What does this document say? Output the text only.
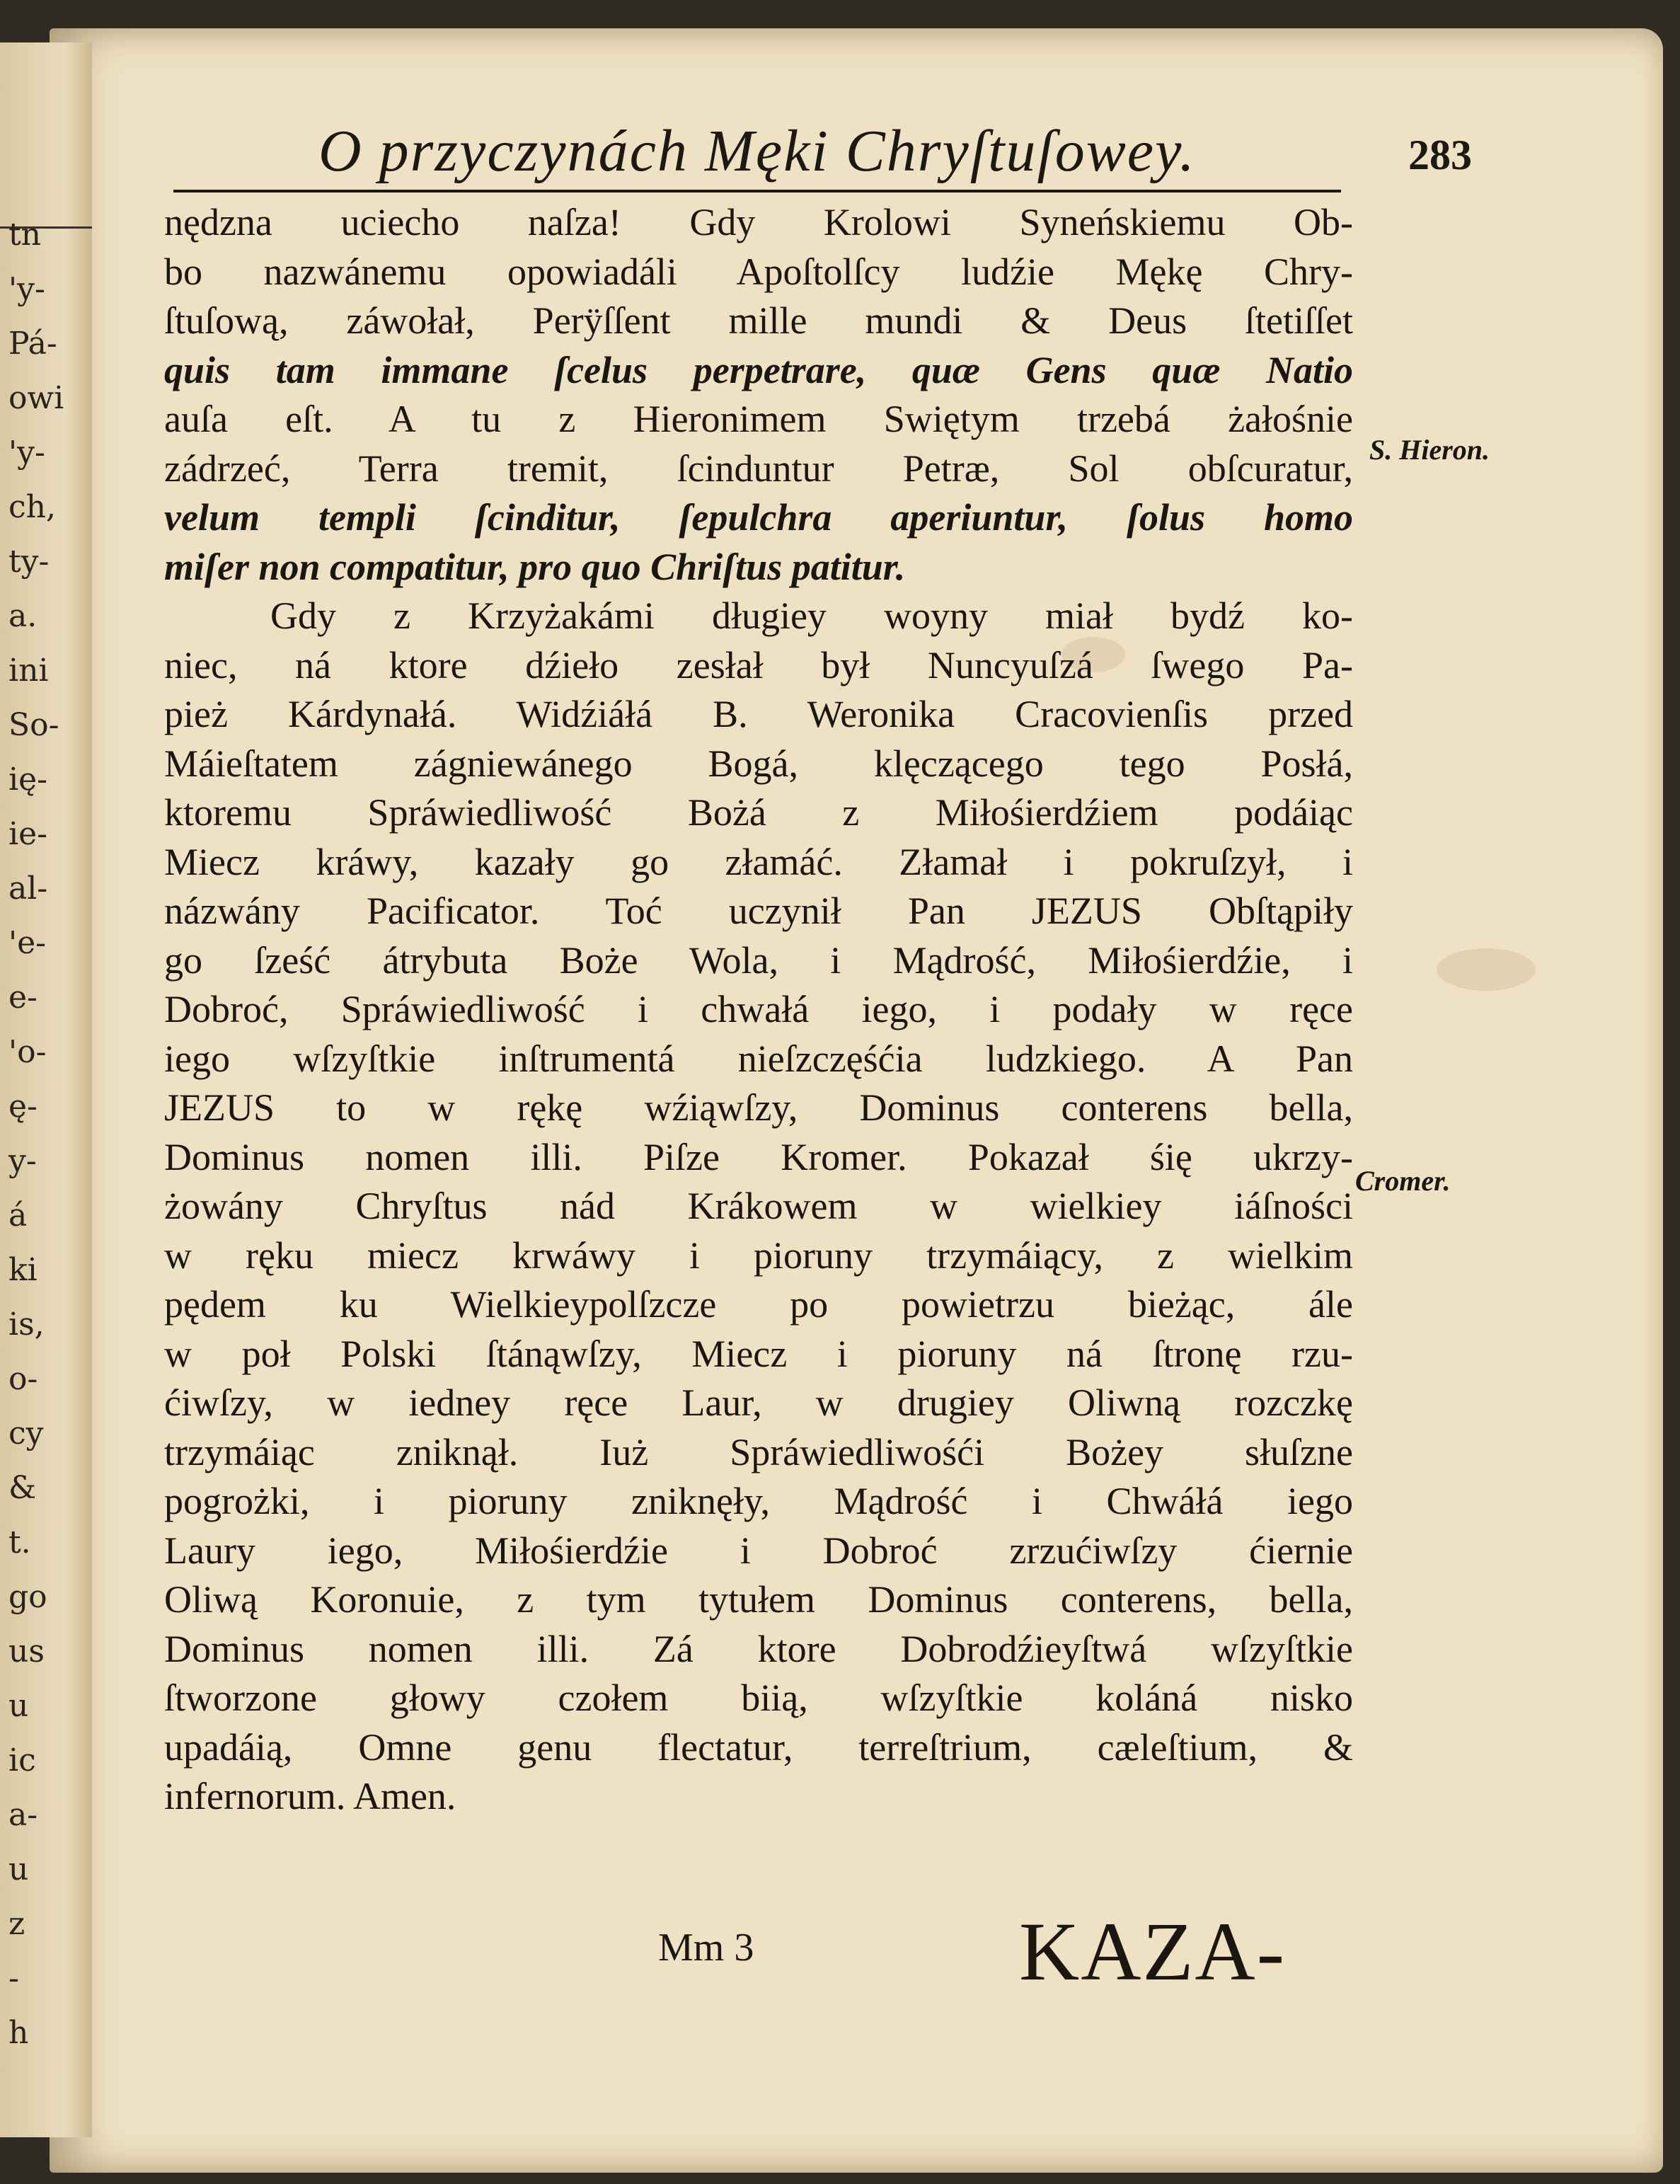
tn
'y-
Pá-
owi
'y-
ch,
ty-
a.
ini
So-
ię-
ie-
al-
'e-
e-
'o-
ę-
y-
á
ki
is,
o-
cy
&
t.
go
us
u
ic
a-
u
z
-
h
O przyczynách Męki Chryſtuſowey.	283
nędzna uciecho naſza! Gdy Krolowi Syneńskiemu Ob-
bo nazwánemu opowiadáli Apoſtolſcy ludźie Mękę Chry-
ſtuſową, záwołał, Perÿſſent mille mundi & Deus ſtetiſſet
quis tam immane ſcelus perpetrare, quæ Gens quæ Natio
auſa eſt. A tu z Hieronimem Swiętym trzebá żałośnie
zádrzeć, Terra tremit, ſcinduntur Petræ, Sol obſcuratur,
velum templi ſcinditur, ſepulchra aperiuntur, ſolus homo
miſer non compatitur, pro quo Chriſtus patitur.
Gdy z Krzyżakámi długiey woyny miał bydź ko-
niec, ná ktore dźieło zesłał był Nuncyuſzá ſwego Pa-
pież Kárdynałá. Widźiáłá B. Weronika Cracovienſis przed
Máieſtatem zágniewánego Bogá, klęczącego tego Posłá,
ktoremu Spráwiedliwość Bożá z Miłośierdźiem podáiąc
Miecz kráwy, kazały go złamáć. Złamał i pokruſzył, i
názwány Pacificator. Toć uczynił Pan JEZUS Obſtąpiły
go ſześć átrybuta Boże Wola, i Mądrość, Miłośierdźie, i
Dobroć, Spráwiedliwość i chwałá iego, i podały w ręce
iego wſzyſtkie inſtrumentá nieſzczęśćia ludzkiego. A Pan
JEZUS to w rękę wźiąwſzy, Dominus conterens bella,
Dominus nomen illi. Piſze Kromer. Pokazał śię ukrzy-
żowány Chryſtus nád Krákowem w wielkiey iáſności
w ręku miecz krwáwy i pioruny trzymáiący, z wielkim
pędem ku Wielkieypolſzcze po powietrzu bieżąc, ále
w poł Polski ſtánąwſzy, Miecz i pioruny ná ſtronę rzu-
ćiwſzy, w iedney ręce Laur, w drugiey Oliwną rozczkę
trzymáiąc zniknął. Iuż Spráwiedliwośći Bożey słuſzne
pogrożki, i pioruny zniknęły, Mądrość i Chwáłá iego
Laury iego, Miłośierdźie i Dobroć zrzućiwſzy ćiernie
Oliwą Koronuie, z tym tytułem Dominus conterens, bella,
Dominus nomen illi. Zá ktore Dobrodźieyſtwá wſzyſtkie
ſtworzone głowy czołem biią, wſzyſtkie koláná nisko
upadáią, Omne genu flectatur, terreſtrium, cæleſtium, &
infernorum. Amen.
S. Hieron.
Cromer.
Mm 3	KAZA-
